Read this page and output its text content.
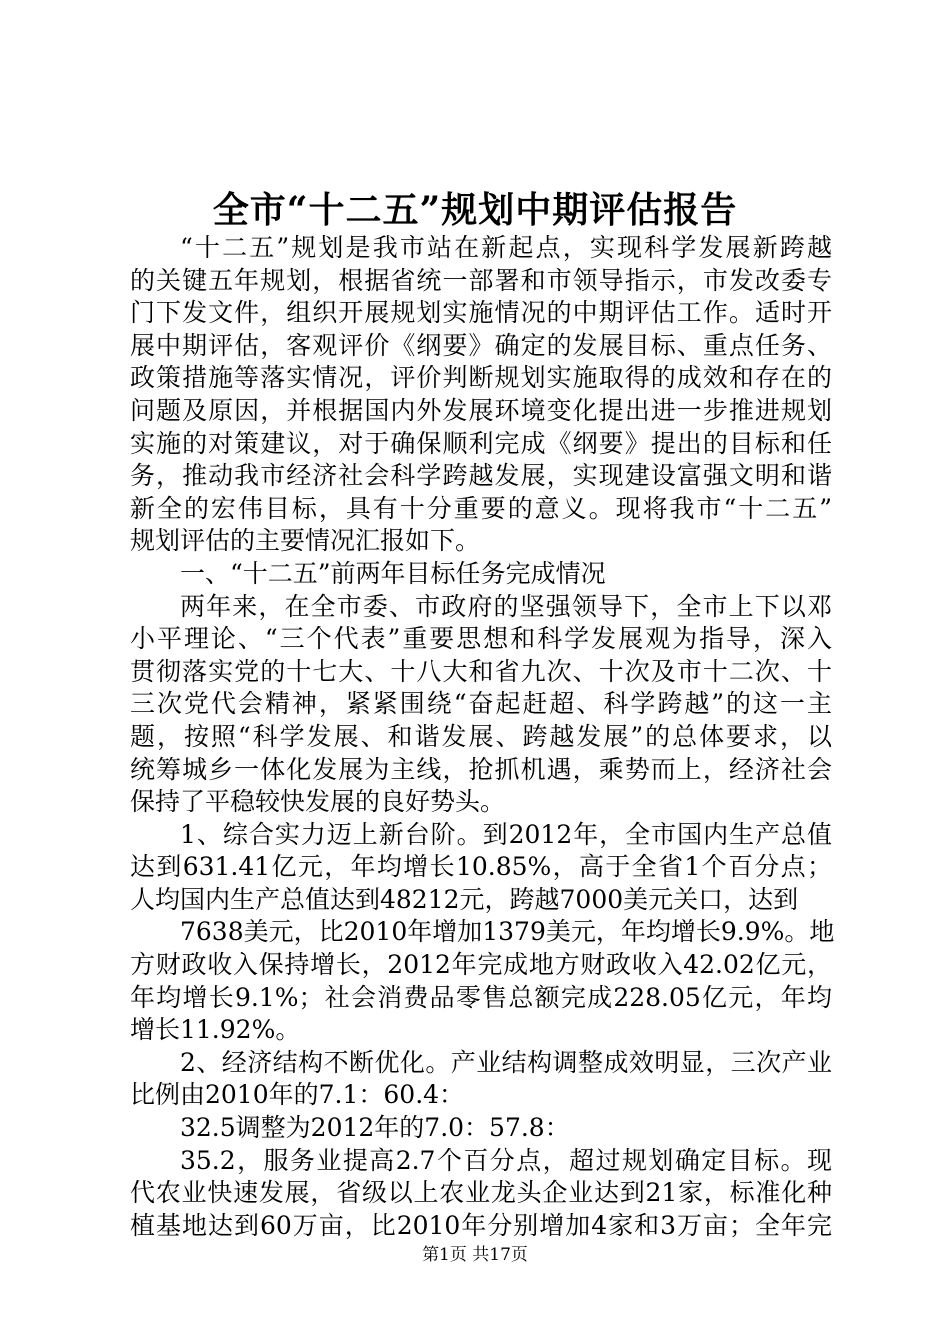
全市“十二五”规划中期评估报告
“十二五”规划是我市站在新起点，实现科学发展新跨越
的关键五年规划，根据省统一部署和市领导指示，市发改委专
门下发文件，组织开展规划实施情况的中期评估工作。适时开
展中期评估，客观评价《纲要》确定的发展目标、重点任务、
政策措施等落实情况，评价判断规划实施取得的成效和存在的
问题及原因，并根据国内外发展环境变化提出进一步推进规划
实施的对策建议，对于确保顺利完成《纲要》提出的目标和任
务，推动我市经济社会科学跨越发展，实现建设富强文明和谐
新全的宏伟目标，具有十分重要的意义。现将我市“十二五”
规划评估的主要情况汇报如下。
一、“十二五”前两年目标任务完成情况
两年来，在全市委、市政府的坚强领导下，全市上下以邓
小平理论、“三个代表”重要思想和科学发展观为指导，深入
贯彻落实党的十七大、十八大和省九次、十次及市十二次、十
三次党代会精神，紧紧围绕“奋起赶超、科学跨越”的这一主
题，按照“科学发展、和谐发展、跨越发展”的总体要求，以
统筹城乡一体化发展为主线，抢抓机遇，乘势而上，经济社会
保持了平稳较快发展的良好势头。
1、综合实力迈上新台阶。到2012年，全市国内生产总值
达到631.41亿元，年均增长10.85%，高于全省1个百分点；
人均国内生产总值达到48212元，跨越7000美元关口，达到
7638美元，比2010年增加1379美元，年均增长9.9%。地
方财政收入保持增长，2012年完成地方财政收入42.02亿元，
年均增长9.1%；社会消费品零售总额完成228.05亿元，年均
增长11.92%。
2、经济结构不断优化。产业结构调整成效明显，三次产业
比例由2010年的7.1：60.4：
32.5调整为2012年的7.0：57.8：
35.2，服务业提高2.7个百分点，超过规划确定目标。现
代农业快速发展，省级以上农业龙头企业达到21家，标准化种
植基地达到60万亩，比2010年分别增加4家和3万亩；全年完
第1页 共17页
